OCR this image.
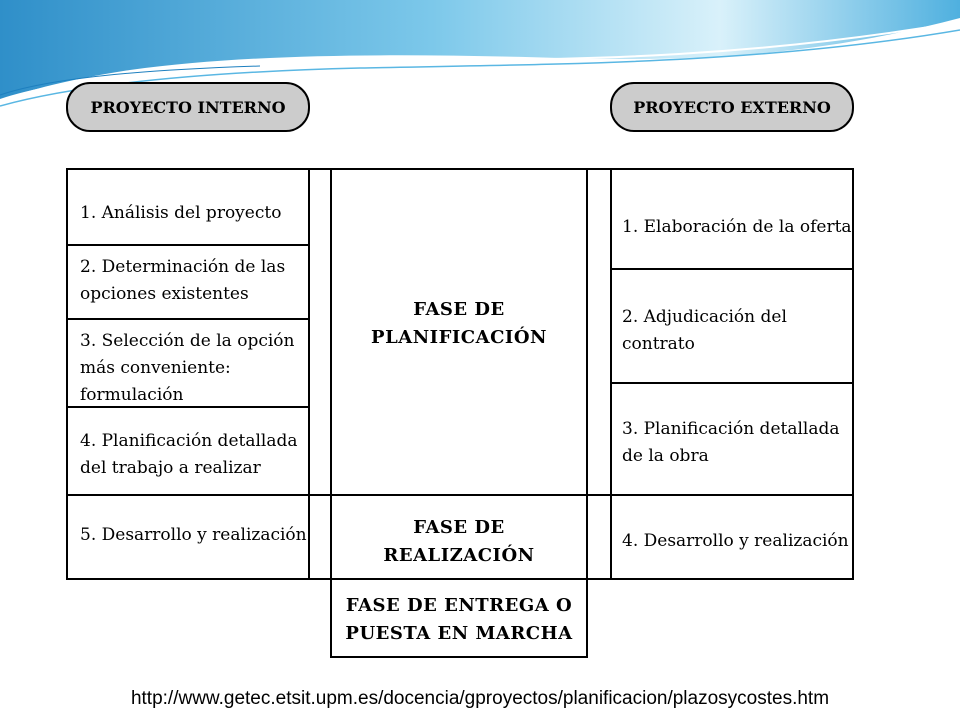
PROYECTO INTERNO	PROYECTO EXTERNO
1. Análisis del proyecto
2. Determinación de las
opciones existentes
3. Selección de la opción
más conveniente:
formulación
4. Planificación detallada
del trabajo a realizar
5. Desarrollo y realización
1. Elaboración de la oferta
2. Adjudicación del
contrato
3. Planificación detallada
de la obra
4. Desarrollo y realización
FASE DE
PLANIFICACIÓN
FASE DE
REALIZACIÓN
FASE DE ENTREGA O
PUESTA EN MARCHA
http://www.getec.etsit.upm.es/docencia/gproyectos/planificacion/plazosycostes.htm
